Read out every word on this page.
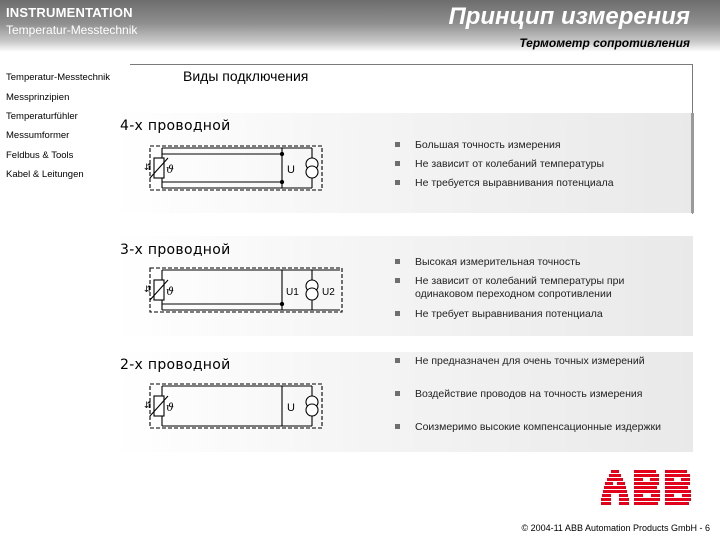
INSTRUMENTATION
Temperatur-Messtechnik	Принцип измерения
Термометр сопротивления
Виды подключения
Temperatur-Messtechnik
Messprinzipien
Temperaturfühler
Messumformer
Feldbus & Tools
Kabel & Leitungen
4-х проводной
⇵ ϑ	U
Большая точность измерения
Не зависит от колебаний температуры
Не требуется выравнивания потенциала
3-х проводной
⇵ ϑ	U1 U2
Высокая измерительная точность
Не зависит от колебаний температуры при одинаковом переходном сопротивлении
Не требует выравнивания потенциала
2-х проводной
⇵ ϑ	U
Не предназначен для очень точных измерений
Воздействие проводов на точность измерения
Соизмеримо высокие компенсационные издержки
© 2004-11 ABB Automation Products GmbH - 6
